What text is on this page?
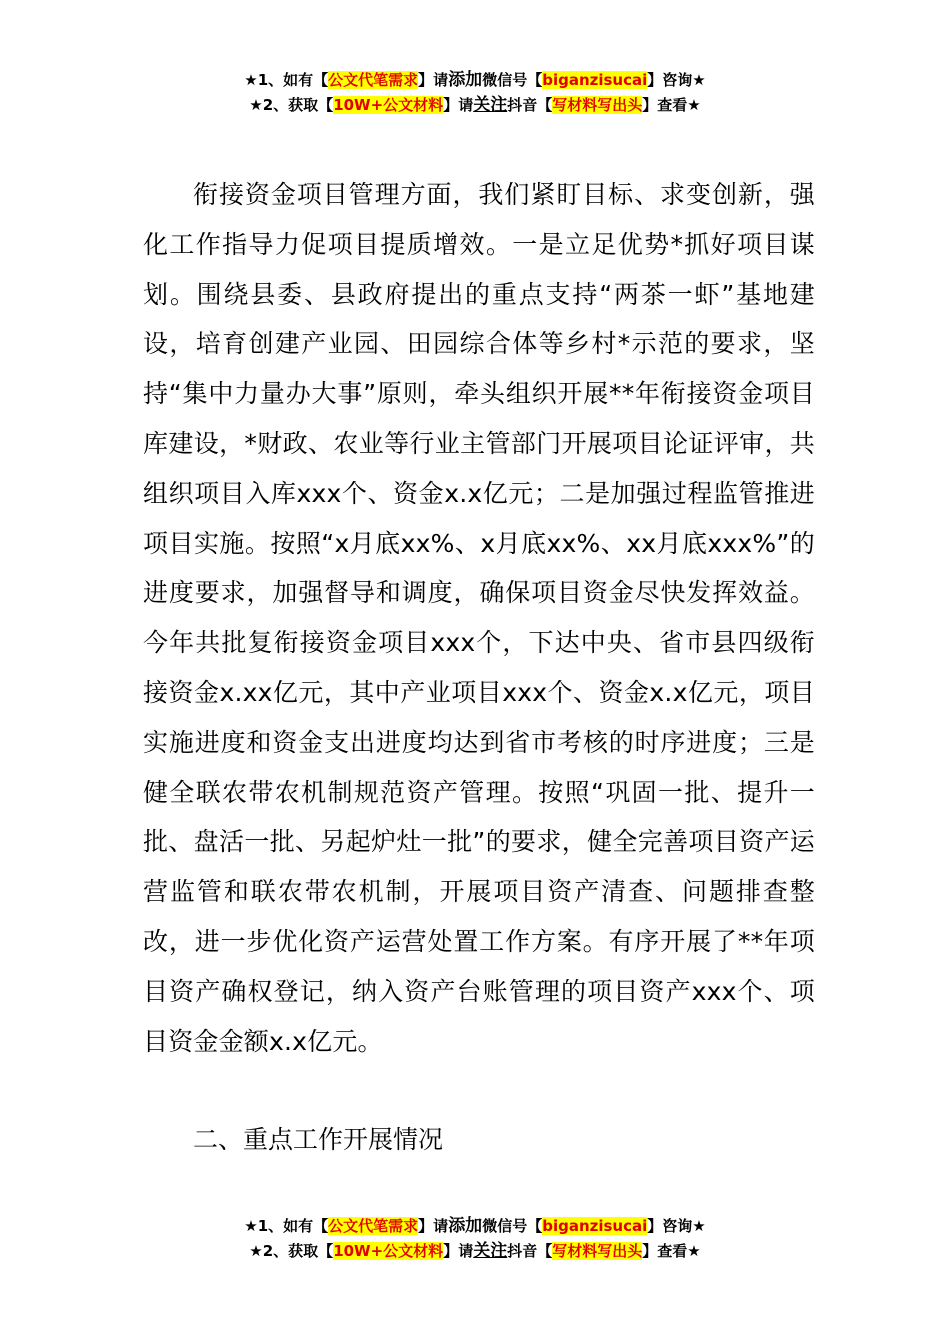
★1、如有【公文代笔需求】请添加微信号【biganzisucai】咨询★
★2、获取【10W+公文材料】请关注抖音【写材料写出头】查看★

衔接资金项目管理方面，我们紧盯目标、求变创新，强化工作指导力促项目提质增效。一是立足优势*抓好项目谋划。围绕县委、县政府提出的重点支持“两茶一虾”基地建设，培育创建产业园、田园综合体等乡村*示范的要求，坚持“集中力量办大事”原则，牵头组织开展**年衔接资金项目库建设，*财政、农业等行业主管部门开展项目论证评审，共组织项目入库xxx个、资金x.x亿元；二是加强过程监管推进项目实施。按照“x月底xx%、x月底xx%、xx月底xxx%”的进度要求，加强督导和调度，确保项目资金尽快发挥效益。今年共批复衔接资金项目xxx个，下达中央、省市县四级衔接资金x.xx亿元，其中产业项目xxx个、资金x.x亿元，项目实施进度和资金支出进度均达到省市考核的时序进度；三是健全联农带农机制规范资产管理。按照“巩固一批、提升一批、盘活一批、另起炉灶一批”的要求，健全完善项目资产运营监管和联农带农机制，开展项目资产清查、问题排查整改，进一步优化资产运营处置工作方案。有序开展了**年项目资产确权登记，纳入资产台账管理的项目资产xxx个、项目资金金额x.x亿元。

二、重点工作开展情况
★1、如有【公文代笔需求】请添加微信号【biganzisucai】咨询★
★2、获取【10W+公文材料】请关注抖音【写材料写出头】查看★
